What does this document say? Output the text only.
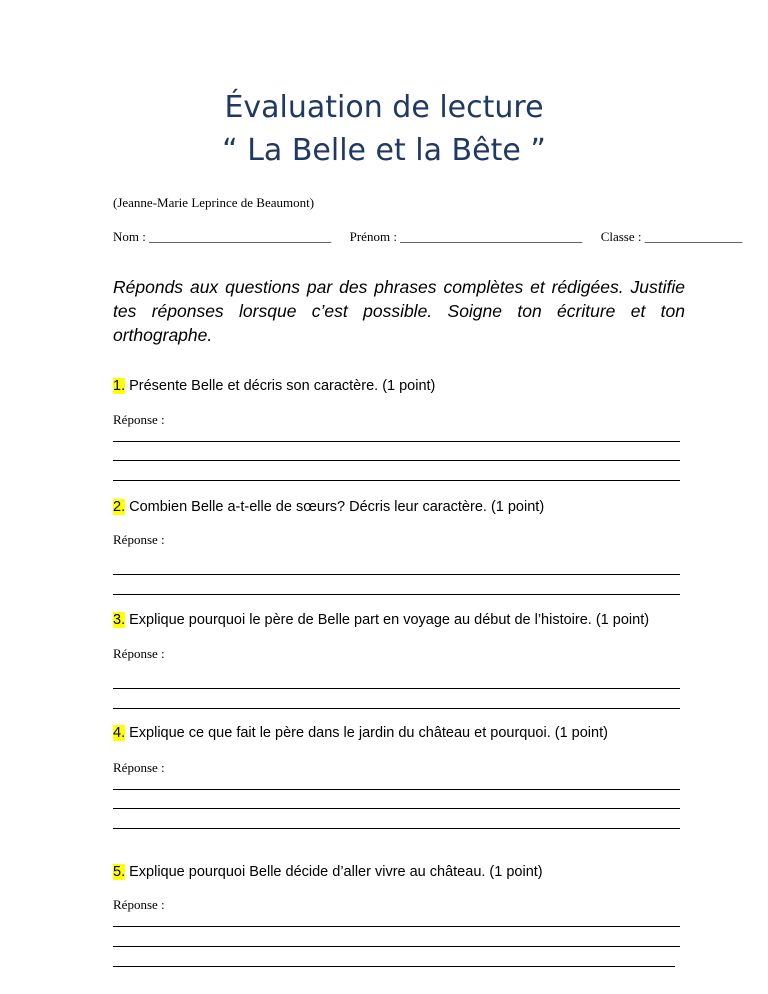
Évaluation de lecture
“ La Belle et la Bête ”
(Jeanne-Marie Leprince de Beaumont)
Nom : ____________________________ Prénom : ____________________________ Classe : _______________
Réponds aux questions par des phrases complètes et rédigées. Justifie tes réponses lorsque c’est possible. Soigne ton écriture et ton orthographe.
1. Présente Belle et décris son caractère. (1 point)
Réponse :
2. Combien Belle a-t-elle de sœurs? Décris leur caractère. (1 point)
Réponse :
3. Explique pourquoi le père de Belle part en voyage au début de l’histoire. (1 point)
Réponse :
4. Explique ce que fait le père dans le jardin du château et pourquoi. (1 point)
Réponse :
5. Explique pourquoi Belle décide d’aller vivre au château. (1 point)
Réponse :
